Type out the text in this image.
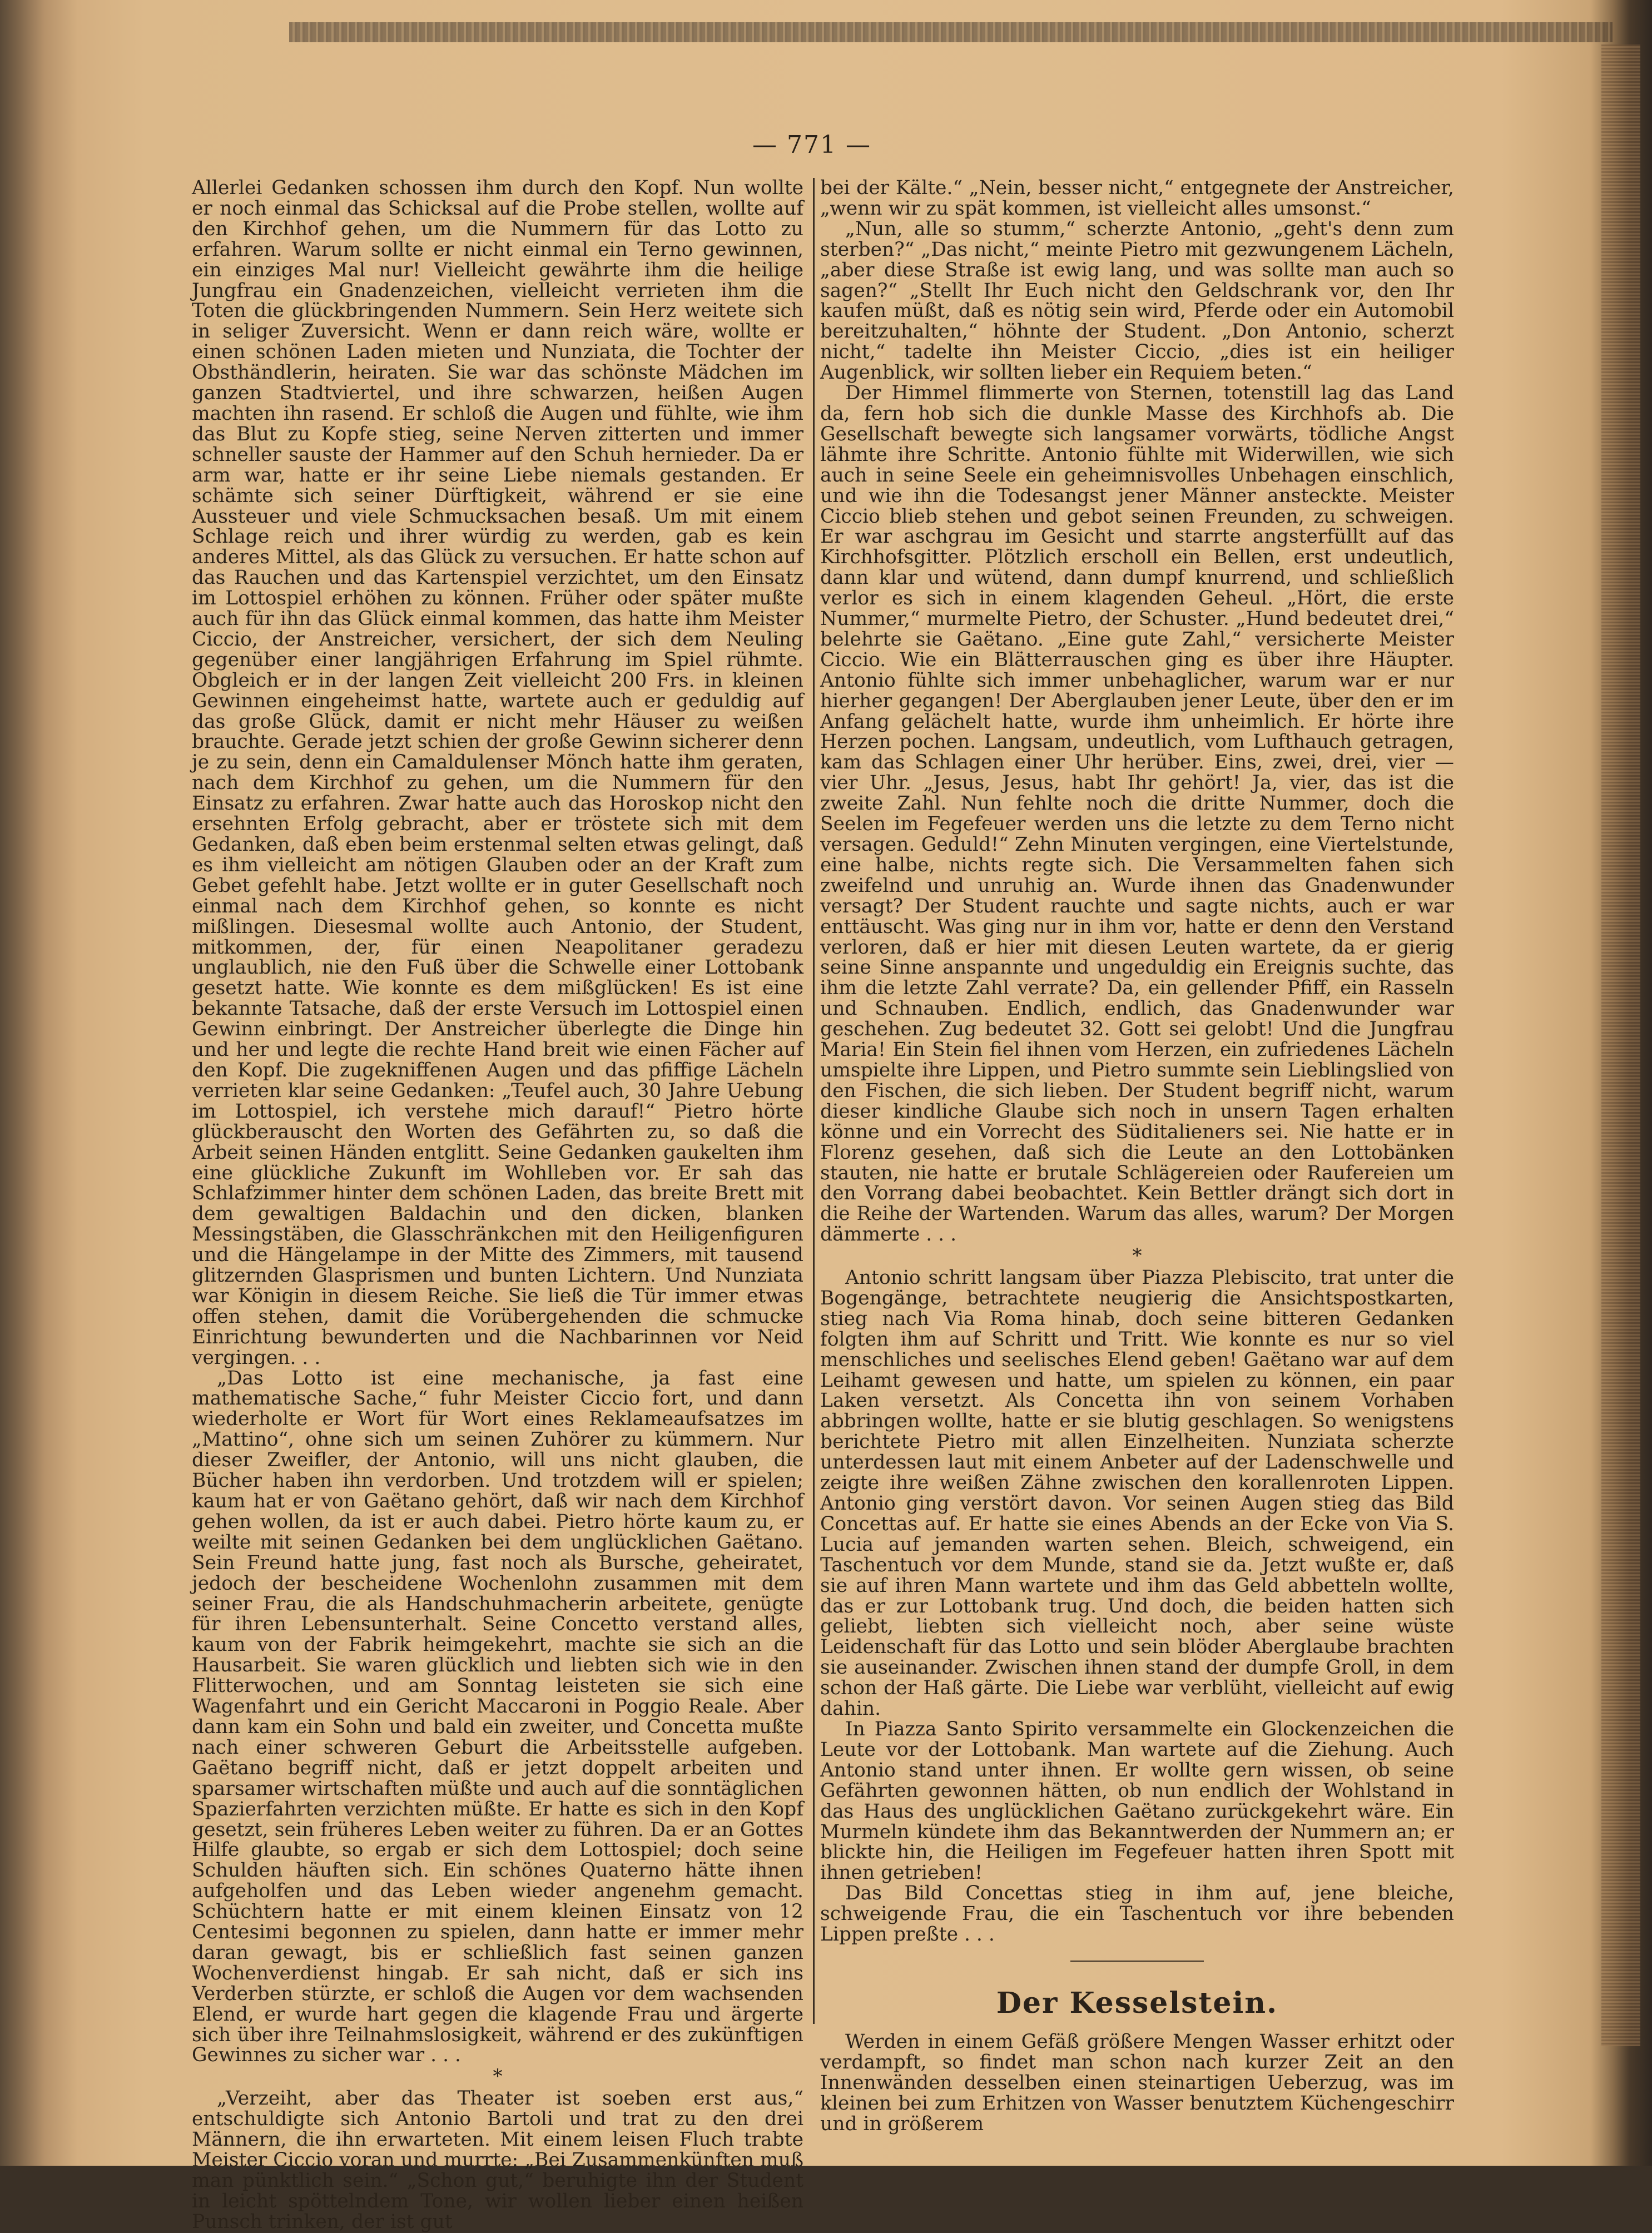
— 771 —

Allerlei Gedanken schossen ihm durch den Kopf. Nun wollte er noch einmal das Schicksal auf die Probe stellen, wollte auf den Kirchhof gehen, um die Nummern für das Lotto zu erfahren. Warum sollte er nicht einmal ein Terno gewinnen, ein einziges Mal nur! Vielleicht gewährte ihm die heilige Jungfrau ein Gnadenzeichen, vielleicht verrieten ihm die Toten die glückbringenden Nummern. Sein Herz weitete sich in seliger Zuversicht. Wenn er dann reich wäre, wollte er einen schönen Laden mieten und Nunziata, die Tochter der Obsthändlerin, heiraten. Sie war das schönste Mädchen im ganzen Stadtviertel, und ihre schwarzen, heißen Augen machten ihn rasend. Er schloß die Augen und fühlte, wie ihm das Blut zu Kopfe stieg, seine Nerven zitterten und immer schneller sauste der Hammer auf den Schuh hernieder. Da er arm war, hatte er ihr seine Liebe niemals gestanden. Er schämte sich seiner Dürftigkeit, während er sie eine Aussteuer und viele Schmucksachen besaß. Um mit einem Schlage reich und ihrer würdig zu werden, gab es kein anderes Mittel, als das Glück zu versuchen. Er hatte schon auf das Rauchen und das Kartenspiel verzichtet, um den Einsatz im Lottospiel erhöhen zu können. Früher oder später mußte auch für ihn das Glück einmal kommen, das hatte ihm Meister Ciccio, der Anstreicher, versichert, der sich dem Neuling gegenüber einer langjährigen Erfahrung im Spiel rühmte. Obgleich er in der langen Zeit vielleicht 200 Frs. in kleinen Gewinnen eingeheimst hatte, wartete auch er geduldig auf das große Glück, damit er nicht mehr Häuser zu weißen brauchte. Gerade jetzt schien der große Gewinn sicherer denn je zu sein, denn ein Camaldulenser Mönch hatte ihm geraten, nach dem Kirchhof zu gehen, um die Nummern für den Einsatz zu erfahren. Zwar hatte auch das Horoskop nicht den ersehnten Erfolg gebracht, aber er tröstete sich mit dem Gedanken, daß eben beim erstenmal selten etwas gelingt, daß es ihm vielleicht am nötigen Glauben oder an der Kraft zum Gebet gefehlt habe. Jetzt wollte er in guter Gesellschaft noch einmal nach dem Kirchhof gehen, so konnte es nicht mißlingen. Diesesmal wollte auch Antonio, der Student, mitkommen, der, für einen Neapolitaner geradezu unglaublich, nie den Fuß über die Schwelle einer Lottobank gesetzt hatte. Wie konnte es dem mißglücken! Es ist eine bekannte Tatsache, daß der erste Versuch im Lottospiel einen Gewinn einbringt. Der Anstreicher überlegte die Dinge hin und her und legte die rechte Hand breit wie einen Fächer auf den Kopf. Die zugekniffenen Augen und das pfiffige Lächeln verrieten klar seine Gedanken: „Teufel auch, 30 Jahre Uebung im Lottospiel, ich verstehe mich darauf!“ Pietro hörte glückberauscht den Worten des Gefährten zu, so daß die Arbeit seinen Händen entglitt. Seine Gedanken gaukelten ihm eine glückliche Zukunft im Wohlleben vor. Er sah das Schlafzimmer hinter dem schönen Laden, das breite Brett mit dem gewaltigen Baldachin und den dicken, blanken Messingstäben, die Glasschränkchen mit den Heiligenfiguren und die Hängelampe in der Mitte des Zimmers, mit tausend glitzernden Glasprismen und bunten Lichtern. Und Nunziata war Königin in diesem Reiche. Sie ließ die Tür immer etwas offen stehen, damit die Vorübergehenden die schmucke Einrichtung bewunderten und die Nachbarinnen vor Neid vergingen. . .

„Das Lotto ist eine mechanische, ja fast eine mathematische Sache,“ fuhr Meister Ciccio fort, und dann wiederholte er Wort für Wort eines Reklameaufsatzes im „Mattino“, ohne sich um seinen Zuhörer zu kümmern. Nur dieser Zweifler, der Antonio, will uns nicht glauben, die Bücher haben ihn verdorben. Und trotzdem will er spielen; kaum hat er von Gaëtano gehört, daß wir nach dem Kirchhof gehen wollen, da ist er auch dabei. Pietro hörte kaum zu, er weilte mit seinen Gedanken bei dem unglücklichen Gaëtano. Sein Freund hatte jung, fast noch als Bursche, geheiratet, jedoch der bescheidene Wochenlohn zusammen mit dem seiner Frau, die als Handschuhmacherin arbeitete, genügte für ihren Lebensunterhalt. Seine Concetto verstand alles, kaum von der Fabrik heimgekehrt, machte sie sich an die Hausarbeit. Sie waren glücklich und liebten sich wie in den Flitterwochen, und am Sonntag leisteten sie sich eine Wagenfahrt und ein Gericht Maccaroni in Poggio Reale. Aber dann kam ein Sohn und bald ein zweiter, und Concetta mußte nach einer schweren Geburt die Arbeitsstelle aufgeben. Gaëtano begriff nicht, daß er jetzt doppelt arbeiten und sparsamer wirtschaften müßte und auch auf die sonntäglichen Spazierfahrten verzichten müßte. Er hatte es sich in den Kopf gesetzt, sein früheres Leben weiter zu führen. Da er an Gottes Hilfe glaubte, so ergab er sich dem Lottospiel; doch seine Schulden häuften sich. Ein schönes Quaterno hätte ihnen aufgeholfen und das Leben wieder angenehm gemacht. Schüchtern hatte er mit einem kleinen Einsatz von 12 Centesimi begonnen zu spielen, dann hatte er immer mehr daran gewagt, bis er schließlich fast seinen ganzen Wochenverdienst hingab. Er sah nicht, daß er sich ins Verderben stürzte, er schloß die Augen vor dem wachsenden Elend, er wurde hart gegen die klagende Frau und ärgerte sich über ihre Teilnahmslosigkeit, während er des zukünftigen Gewinnes zu sicher war . . .

*

„Verzeiht, aber das Theater ist soeben erst aus,“ entschuldigte sich Antonio Bartoli und trat zu den drei Männern, die ihn erwarteten. Mit einem leisen Fluch trabte Meister Ciccio voran und murrte: „Bei Zusammenkünften muß man pünktlich sein.“ „Schon gut,“ beruhigte ihn der Student in leicht spöttelndem Tone, wir wollen lieber einen heißen Punsch trinken, der ist gut

bei der Kälte.“ „Nein, besser nicht,“ entgegnete der Anstreicher, „wenn wir zu spät kommen, ist vielleicht alles umsonst.“

„Nun, alle so stumm,“ scherzte Antonio, „geht's denn zum sterben?“ „Das nicht,“ meinte Pietro mit gezwungenem Lächeln, „aber diese Straße ist ewig lang, und was sollte man auch so sagen?“ „Stellt Ihr Euch nicht den Geldschrank vor, den Ihr kaufen müßt, daß es nötig sein wird, Pferde oder ein Automobil bereitzuhalten,“ höhnte der Student. „Don Antonio, scherzt nicht,“ tadelte ihn Meister Ciccio, „dies ist ein heiliger Augenblick, wir sollten lieber ein Requiem beten.“

Der Himmel flimmerte von Sternen, totenstill lag das Land da, fern hob sich die dunkle Masse des Kirchhofs ab. Die Gesellschaft bewegte sich langsamer vorwärts, tödliche Angst lähmte ihre Schritte. Antonio fühlte mit Widerwillen, wie sich auch in seine Seele ein geheimnisvolles Unbehagen einschlich, und wie ihn die Todesangst jener Männer ansteckte. Meister Ciccio blieb stehen und gebot seinen Freunden, zu schweigen. Er war aschgrau im Gesicht und starrte angsterfüllt auf das Kirchhofsgitter. Plötzlich erscholl ein Bellen, erst undeutlich, dann klar und wütend, dann dumpf knurrend, und schließlich verlor es sich in einem klagenden Geheul. „Hört, die erste Nummer,“ murmelte Pietro, der Schuster. „Hund bedeutet drei,“ belehrte sie Gaëtano. „Eine gute Zahl,“ versicherte Meister Ciccio. Wie ein Blätterrauschen ging es über ihre Häupter. Antonio fühlte sich immer unbehaglicher, warum war er nur hierher gegangen! Der Aberglauben jener Leute, über den er im Anfang gelächelt hatte, wurde ihm unheimlich. Er hörte ihre Herzen pochen. Langsam, undeutlich, vom Lufthauch getragen, kam das Schlagen einer Uhr herüber. Eins, zwei, drei, vier — vier Uhr. „Jesus, Jesus, habt Ihr gehört! Ja, vier, das ist die zweite Zahl. Nun fehlte noch die dritte Nummer, doch die Seelen im Fegefeuer werden uns die letzte zu dem Terno nicht versagen. Geduld!“ Zehn Minuten vergingen, eine Viertelstunde, eine halbe, nichts regte sich. Die Versammelten fahen sich zweifelnd und unruhig an. Wurde ihnen das Gnadenwunder versagt? Der Student rauchte und sagte nichts, auch er war enttäuscht. Was ging nur in ihm vor, hatte er denn den Verstand verloren, daß er hier mit diesen Leuten wartete, da er gierig seine Sinne anspannte und ungeduldig ein Ereignis suchte, das ihm die letzte Zahl verrate? Da, ein gellender Pfiff, ein Rasseln und Schnauben. Endlich, endlich, das Gnadenwunder war geschehen. Zug bedeutet 32. Gott sei gelobt! Und die Jungfrau Maria! Ein Stein fiel ihnen vom Herzen, ein zufriedenes Lächeln umspielte ihre Lippen, und Pietro summte sein Lieblingslied von den Fischen, die sich lieben. Der Student begriff nicht, warum dieser kindliche Glaube sich noch in unsern Tagen erhalten könne und ein Vorrecht des Süditalieners sei. Nie hatte er in Florenz gesehen, daß sich die Leute an den Lottobänken stauten, nie hatte er brutale Schlägereien oder Raufereien um den Vorrang dabei beobachtet. Kein Bettler drängt sich dort in die Reihe der Wartenden. Warum das alles, warum? Der Morgen dämmerte . . .

*

Antonio schritt langsam über Piazza Plebiscito, trat unter die Bogengänge, betrachtete neugierig die Ansichtspostkarten, stieg nach Via Roma hinab, doch seine bitteren Gedanken folgten ihm auf Schritt und Tritt. Wie konnte es nur so viel menschliches und seelisches Elend geben! Gaëtano war auf dem Leihamt gewesen und hatte, um spielen zu können, ein paar Laken versetzt. Als Concetta ihn von seinem Vorhaben abbringen wollte, hatte er sie blutig geschlagen. So wenigstens berichtete Pietro mit allen Einzelheiten. Nunziata scherzte unterdessen laut mit einem Anbeter auf der Ladenschwelle und zeigte ihre weißen Zähne zwischen den korallenroten Lippen. Antonio ging verstört davon. Vor seinen Augen stieg das Bild Concettas auf. Er hatte sie eines Abends an der Ecke von Via S. Lucia auf jemanden warten sehen. Bleich, schweigend, ein Taschentuch vor dem Munde, stand sie da. Jetzt wußte er, daß sie auf ihren Mann wartete und ihm das Geld abbetteln wollte, das er zur Lottobank trug. Und doch, die beiden hatten sich geliebt, liebten sich vielleicht noch, aber seine wüste Leidenschaft für das Lotto und sein blöder Aberglaube brachten sie auseinander. Zwischen ihnen stand der dumpfe Groll, in dem schon der Haß gärte. Die Liebe war verblüht, vielleicht auf ewig dahin.

In Piazza Santo Spirito versammelte ein Glockenzeichen die Leute vor der Lottobank. Man wartete auf die Ziehung. Auch Antonio stand unter ihnen. Er wollte gern wissen, ob seine Gefährten gewonnen hätten, ob nun endlich der Wohlstand in das Haus des unglücklichen Gaëtano zurückgekehrt wäre. Ein Murmeln kündete ihm das Bekanntwerden der Nummern an; er blickte hin, die Heiligen im Fegefeuer hatten ihren Spott mit ihnen getrieben!

Das Bild Concettas stieg in ihm auf, jene bleiche, schweigende Frau, die ein Taschentuch vor ihre bebenden Lippen preßte . . .

Der Kesselstein.

Werden in einem Gefäß größere Mengen Wasser erhitzt oder verdampft, so findet man schon nach kurzer Zeit an den Innenwänden desselben einen steinartigen Ueberzug, was im kleinen bei zum Erhitzen von Wasser benutztem Küchengeschirr und in größerem
